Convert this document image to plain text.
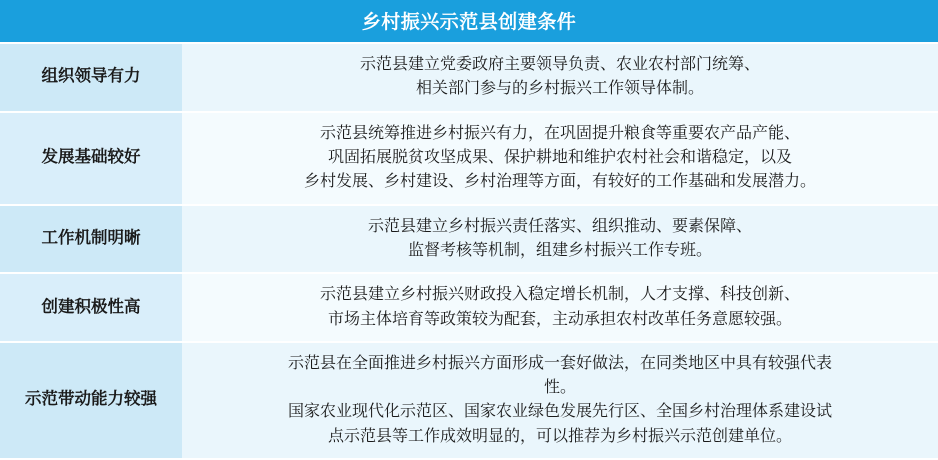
乡村振兴示范县创建条件	
组织领导有力	示范县建立党委政府主要领导负责、农业农村部门统筹、
相关部门参与的乡村振兴工作领导体制。

发展基础较好	示范县统筹推进乡村振兴有力，在巩固提升粮食等重要农产品产能、
巩固拓展脱贫攻坚成果、保护耕地和维护农村社会和谐稳定，以及
乡村发展、乡村建设、乡村治理等方面，有较好的工作基础和发展潜力。

工作机制明晰	示范县建立乡村振兴责任落实、组织推动、要素保障、
监督考核等机制，组建乡村振兴工作专班。

创建积极性高	示范县建立乡村振兴财政投入稳定增长机制，人才支撑、科技创新、
市场主体培育等政策较为配套，主动承担农村改革任务意愿较强。

示范带动能力较强	示范县在全面推进乡村振兴方面形成一套好做法，在同类地区中具有较强代表
性。
国家农业现代化示范区、国家农业绿色发展先行区、全国乡村治理体系建设试
点示范县等工作成效明显的，可以推荐为乡村振兴示范创建单位。
